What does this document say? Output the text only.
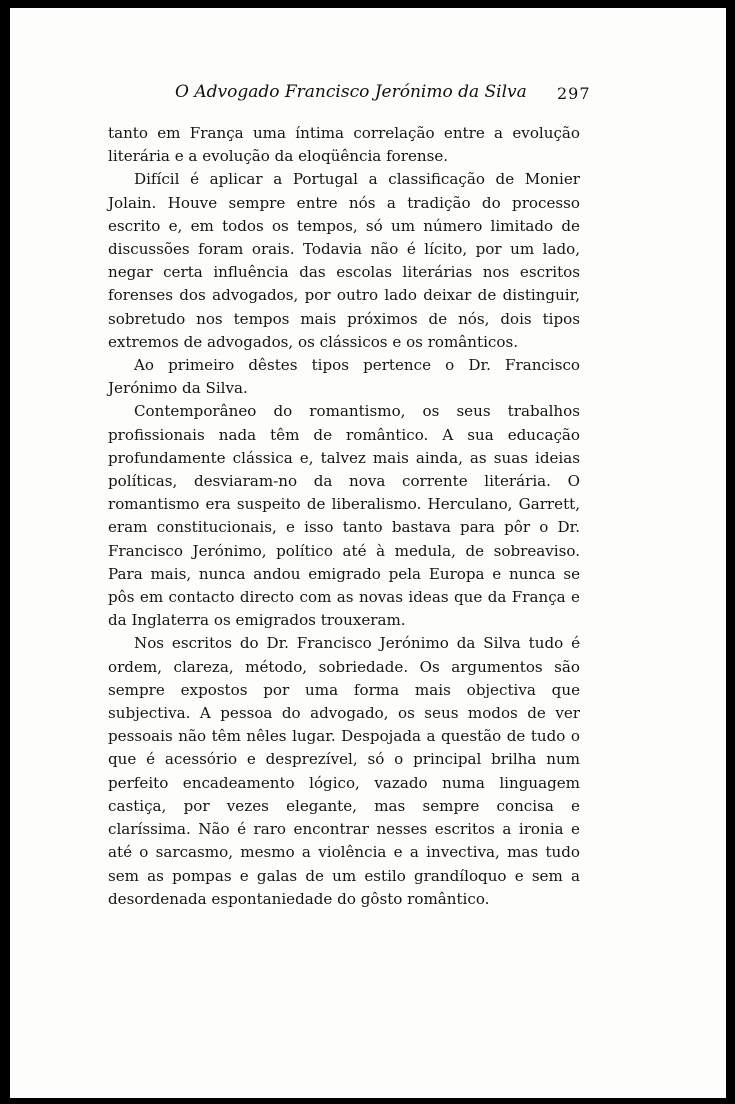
O Advogado Francisco Jerónimo da Silva 297

tanto em França uma íntima correlação entre a evolução literária e a evolução da eloqüência forense.

Difícil é aplicar a Portugal a classificação de Monier Jolain. Houve sempre entre nós a tradição do processo escrito e, em todos os tempos, só um número limitado de discussões foram orais. Todavia não é lícito, por um lado, negar certa influência das escolas literárias nos escritos forenses dos advogados, por outro lado deixar de distinguir, sobretudo nos tempos mais próximos de nós, dois tipos extremos de advogados, os clássicos e os românticos.

Ao primeiro dêstes tipos pertence o Dr. Francisco Jerónimo da Silva.

Contemporâneo do romantismo, os seus trabalhos profissionais nada têm de romântico. A sua educação profundamente clássica e, talvez mais ainda, as suas ideias políticas, desviaram-no da nova corrente literária. O romantismo era suspeito de liberalismo. Herculano, Garrett, eram constitucionais, e isso tanto bastava para pôr o Dr. Francisco Jerónimo, político até à medula, de sobreaviso. Para mais, nunca andou emigrado pela Europa e nunca se pôs em contacto directo com as novas ideas que da França e da Inglaterra os emigrados trouxeram.

Nos escritos do Dr. Francisco Jerónimo da Silva tudo é ordem, clareza, método, sobriedade. Os argumentos são sempre expostos por uma forma mais objectiva que subjectiva. A pessoa do advogado, os seus modos de ver pessoais não têm nêles lugar. Despojada a questão de tudo o que é acessório e desprezível, só o principal brilha num perfeito encadeamento lógico, vazado numa linguagem castiça, por vezes elegante, mas sempre concisa e claríssima. Não é raro encontrar nesses escritos a ironia e até o sarcasmo, mesmo a violência e a invectiva, mas tudo sem as pompas e galas de um estilo grandíloquo e sem a desordenada espontaniedade do gôsto romântico.
